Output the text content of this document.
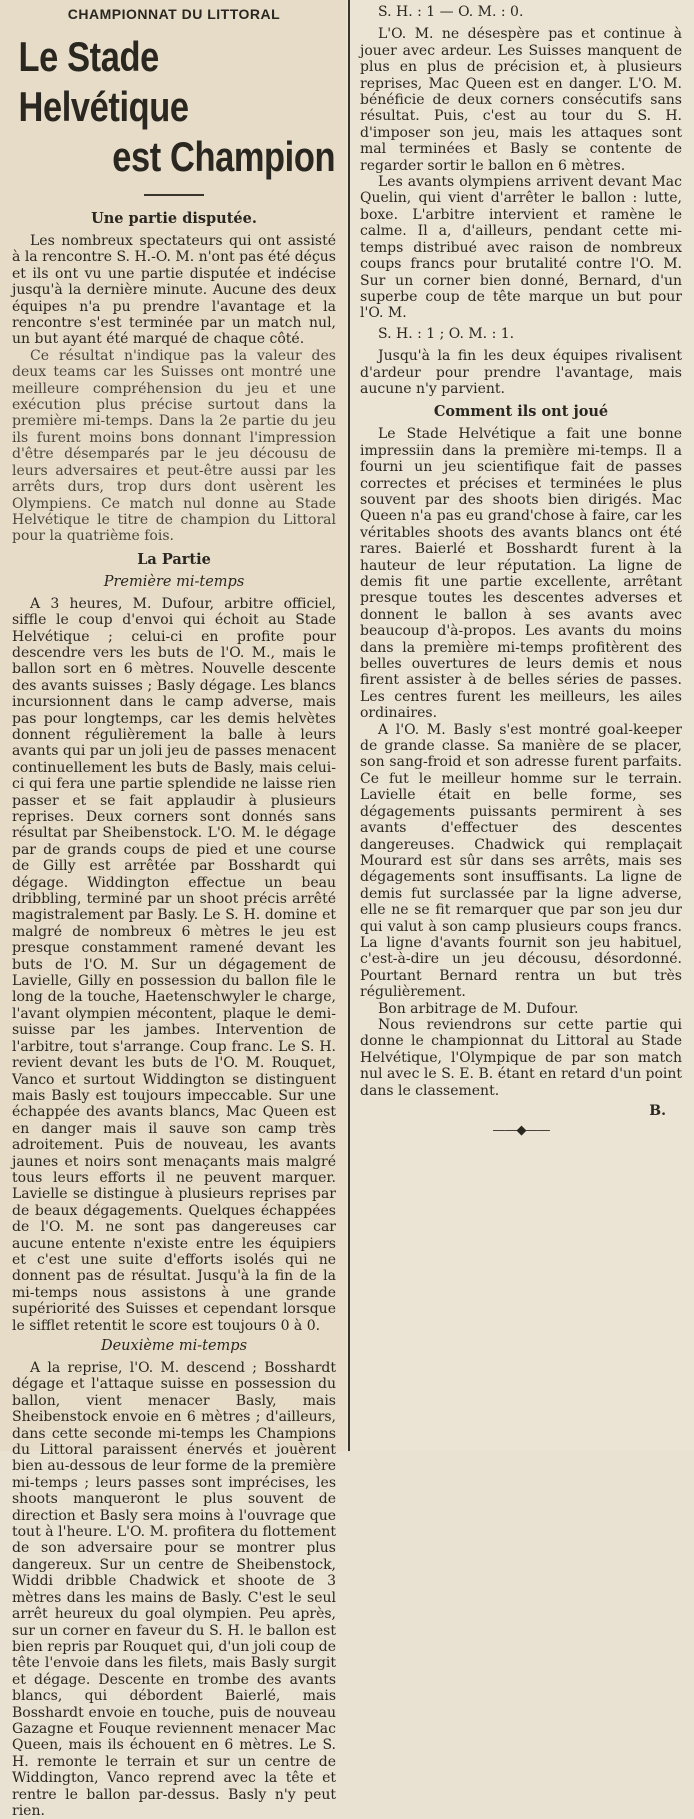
CHAMPIONNAT DU LITTORAL
Le Stade Helvétique
est Champion
Une partie disputée.

Les nombreux spectateurs qui ont assisté à la rencontre S. H.-O. M. n'ont pas été déçus et ils ont vu une partie disputée et indécise jusqu'à la dernière minute. Aucune des deux équipes n'a pu prendre l'avantage et la rencontre s'est terminée par un match nul, un but ayant été marqué de chaque côté.

Ce résultat n'indique pas la valeur des deux teams car les Suisses ont montré une meilleure compréhension du jeu et une exécution plus précise surtout dans la première mi-temps. Dans la 2e partie du jeu ils furent moins bons donnant l'impression d'être désemparés par le jeu décousu de leurs adversaires et peut-être aussi par les arrêts durs, trop durs dont usèrent les Olympiens. Ce match nul donne au Stade Helvétique le titre de champion du Littoral pour la quatrième fois.

La Partie
Première mi-temps

A 3 heures, M. Dufour, arbitre officiel, siffle le coup d'envoi qui échoit au Stade Helvétique ; celui-ci en profite pour descendre vers les buts de l'O. M., mais le ballon sort en 6 mètres. Nouvelle descente des avants suisses ; Basly dégage. Les blancs incursionnent dans le camp adverse, mais pas pour longtemps, car les demis helvètes donnent régulièrement la balle à leurs avants qui par un joli jeu de passes menacent continuellement les buts de Basly, mais celui-ci qui fera une partie splendide ne laisse rien passer et se fait applaudir à plusieurs reprises. Deux corners sont donnés sans résultat par Sheibenstock. L'O. M. le dégage par de grands coups de pied et une course de Gilly est arrêtée par Bosshardt qui dégage. Widdington effectue un beau dribbling, terminé par un shoot précis arrêté magistralement par Basly. Le S. H. domine et malgré de nombreux 6 mètres le jeu est presque constamment ramené devant les buts de l'O. M. Sur un dégagement de Lavielle, Gilly en possession du ballon file le long de la touche, Haetenschwyler le charge, l'avant olympien mécontent, plaque le demi-suisse par les jambes. Intervention de l'arbitre, tout s'arrange. Coup franc. Le S. H. revient devant les buts de l'O. M. Rouquet, Vanco et surtout Widdington se distinguent mais Basly est toujours impeccable. Sur une échappée des avants blancs, Mac Queen est en danger mais il sauve son camp très adroitement. Puis de nouveau, les avants jaunes et noirs sont menaçants mais malgré tous leurs efforts il ne peuvent marquer. Lavielle se distingue à plusieurs reprises par de beaux dégagements. Quelques échappées de l'O. M. ne sont pas dangereuses car aucune entente n'existe entre les équipiers et c'est une suite d'efforts isolés qui ne donnent pas de résultat. Jusqu'à la fin de la mi-temps nous assistons à une grande supériorité des Suisses et cependant lorsque le sifflet retentit le score est toujours 0 à 0.

Deuxième mi-temps

A la reprise, l'O. M. descend ; Bosshardt dégage et l'attaque suisse en possession du ballon, vient menacer Basly, mais Sheibenstock envoie en 6 mètres ; d'ailleurs, dans cette seconde mi-temps les Champions du Littoral paraissent énervés et jouèrent bien au-dessous de leur forme de la première mi-temps ; leurs passes sont imprécises, les shoots manqueront le plus souvent de direction et Basly sera moins à l'ouvrage que tout à l'heure. L'O. M. profitera du flottement de son adversaire pour se montrer plus dangereux. Sur un centre de Sheibenstock, Widdi dribble Chadwick et shoote de 3 mètres dans les mains de Basly. C'est le seul arrêt heureux du goal olympien. Peu après, sur un corner en faveur du S. H. le ballon est bien repris par Rouquet qui, d'un joli coup de tête l'envoie dans les filets, mais Basly surgit et dégage. Descente en trombe des avants blancs, qui débordent Baierlé, mais Bosshardt envoie en touche, puis de nouveau Gazagne et Fouque reviennent menacer Mac Queen, mais ils échouent en 6 mètres. Le S. H. remonte le terrain et sur un centre de Widdington, Vanco reprend avec la tête et rentre le ballon par-dessus. Basly n'y peut rien.

S. H. : 1 — O. M. : 0.

L'O. M. ne désespère pas et continue à jouer avec ardeur. Les Suisses manquent de plus en plus de précision et, à plusieurs reprises, Mac Queen est en danger. L'O. M. bénéficie de deux corners consécutifs sans résultat. Puis, c'est au tour du S. H. d'imposer son jeu, mais les attaques sont mal terminées et Basly se contente de regarder sortir le ballon en 6 mètres.

Les avants olympiens arrivent devant Mac Quelin, qui vient d'arrêter le ballon : lutte, boxe. L'arbitre intervient et ramène le calme. Il a, d'ailleurs, pendant cette mi-temps distribué avec raison de nombreux coups francs pour brutalité contre l'O. M. Sur un corner bien donné, Bernard, d'un superbe coup de tête marque un but pour l'O. M.

S. H. : 1 ; O. M. : 1.

Jusqu'à la fin les deux équipes rivalisent d'ardeur pour prendre l'avantage, mais aucune n'y parvient.

Comment ils ont joué

Le Stade Helvétique a fait une bonne impressiin dans la première mi-temps. Il a fourni un jeu scientifique fait de passes correctes et précises et terminées le plus souvent par des shoots bien dirigés. Mac Queen n'a pas eu grand'chose à faire, car les véritables shoots des avants blancs ont été rares. Baierlé et Bosshardt furent à la hauteur de leur réputation. La ligne de demis fit une partie excellente, arrêtant presque toutes les descentes adverses et donnent le ballon à ses avants avec beaucoup d'à-propos. Les avants du moins dans la première mi-temps profitèrent des belles ouvertures de leurs demis et nous firent assister à de belles séries de passes. Les centres furent les meilleurs, les ailes ordinaires.

A l'O. M. Basly s'est montré goal-keeper de grande classe. Sa manière de se placer, son sang-froid et son adresse furent parfaits. Ce fut le meilleur homme sur le terrain. Lavielle était en belle forme, ses dégagements puissants permirent à ses avants d'effectuer des descentes dangereuses. Chadwick qui remplaçait Mourard est sûr dans ses arrêts, mais ses dégagements sont insuffisants. La ligne de demis fut surclassée par la ligne adverse, elle ne se fit remarquer que par son jeu dur qui valut à son camp plusieurs coups francs. La ligne d'avants fournit son jeu habituel, c'est-à-dire un jeu décousu, désordonné. Pourtant Bernard rentra un but très régulièrement.

Bon arbitrage de M. Dufour.

Nous reviendrons sur cette partie qui donne le championnat du Littoral au Stade Helvétique, l'Olympique de par son match nul avec le S. E. B. étant en retard d'un point dans le classement.

B.
——◆——
